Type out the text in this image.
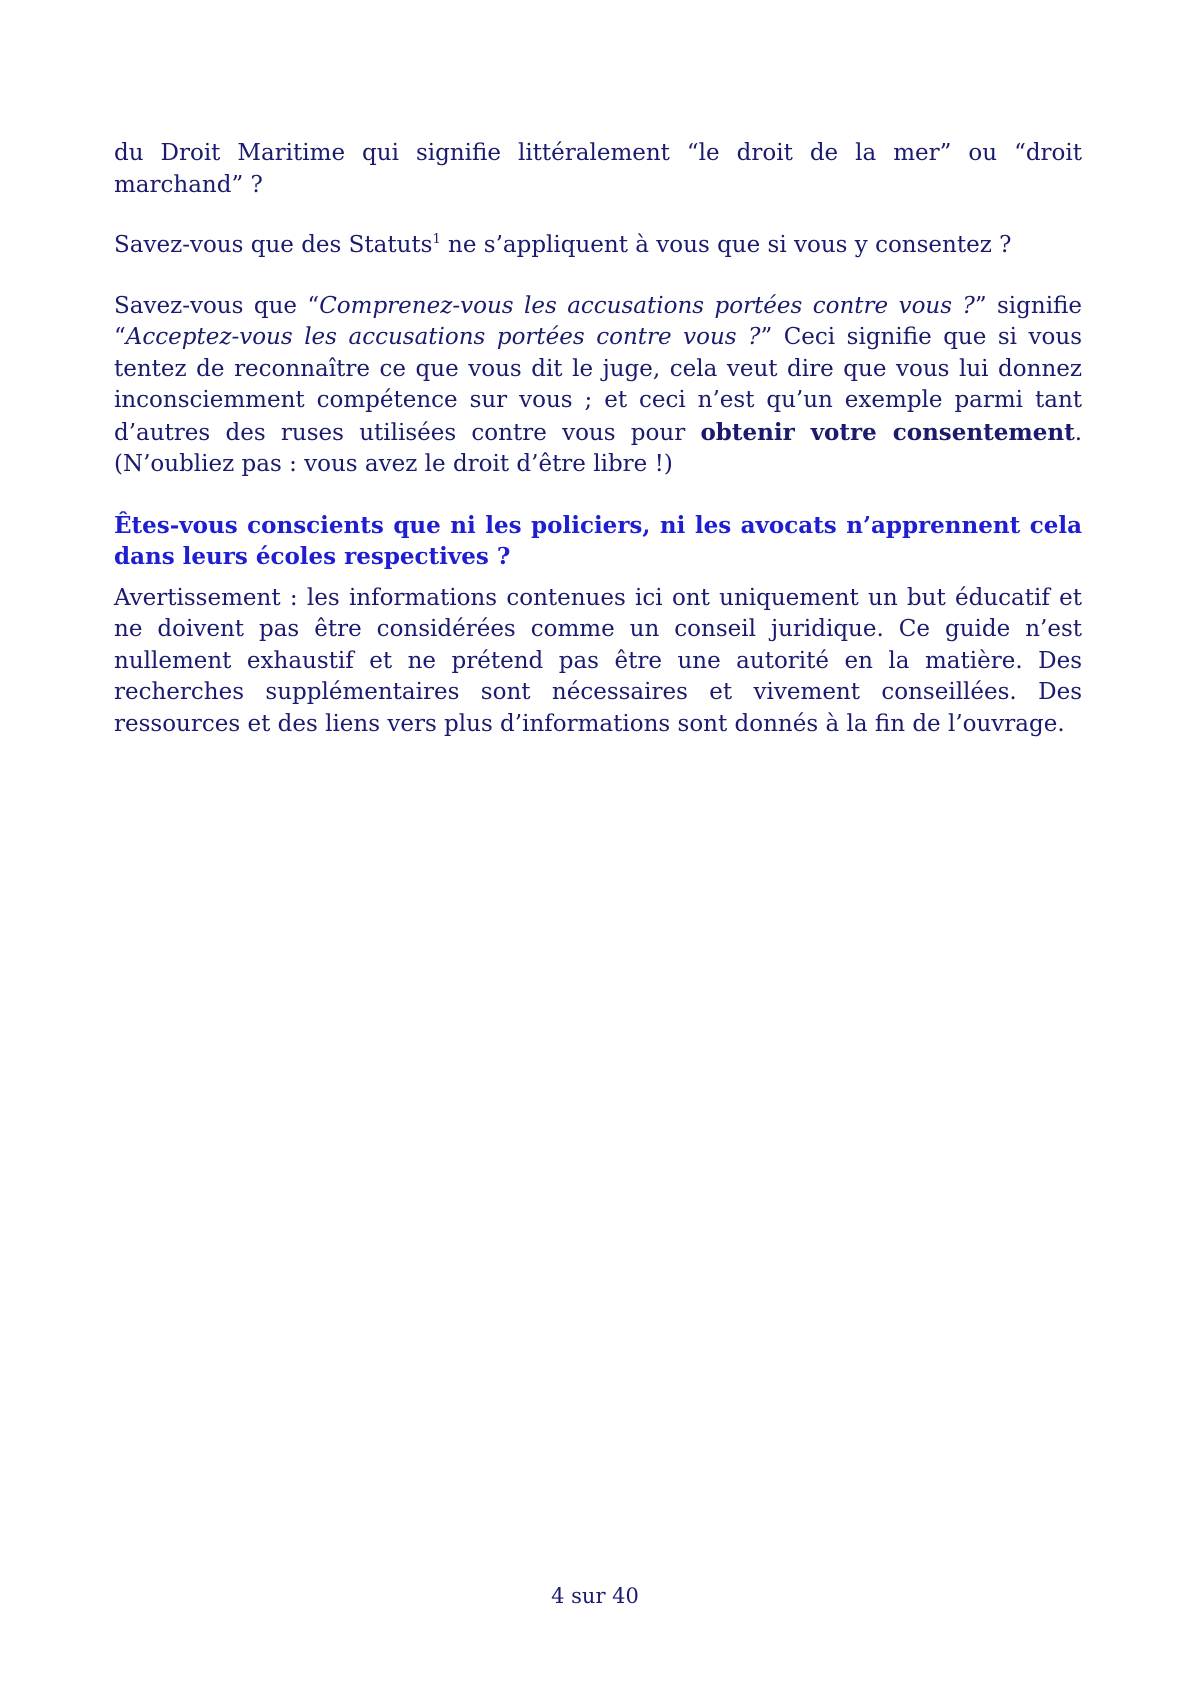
du Droit Maritime qui signifie littéralement “le droit de la mer” ou “droit marchand” ?

Savez-vous que des Statuts$^1$ ne s’appliquent à vous que si vous y consentez ?

Savez-vous que “Comprenez-vous les accusations portées contre vous ?” signifie “Acceptez-vous les accusations portées contre vous ?” Ceci signifie que si vous tentez de reconnaître ce que vous dit le juge, cela veut dire que vous lui donnez inconsciemment compétence sur vous ; et ceci n’est qu’un exemple parmi tant d’autres des ruses utilisées contre vous pour obtenir votre consentement. (N’oubliez pas : vous avez le droit d’être libre !)

Êtes-vous conscients que ni les policiers, ni les avocats n’apprennent cela dans leurs écoles respectives ?

Avertissement : les informations contenues ici ont uniquement un but éducatif et ne doivent pas être considérées comme un conseil juridique. Ce guide n’est nullement exhaustif et ne prétend pas être une autorité en la matière. Des recherches supplémentaires sont nécessaires et vivement conseillées. Des ressources et des liens vers plus d’informations sont donnés à la fin de l’ouvrage.

4 sur 40
